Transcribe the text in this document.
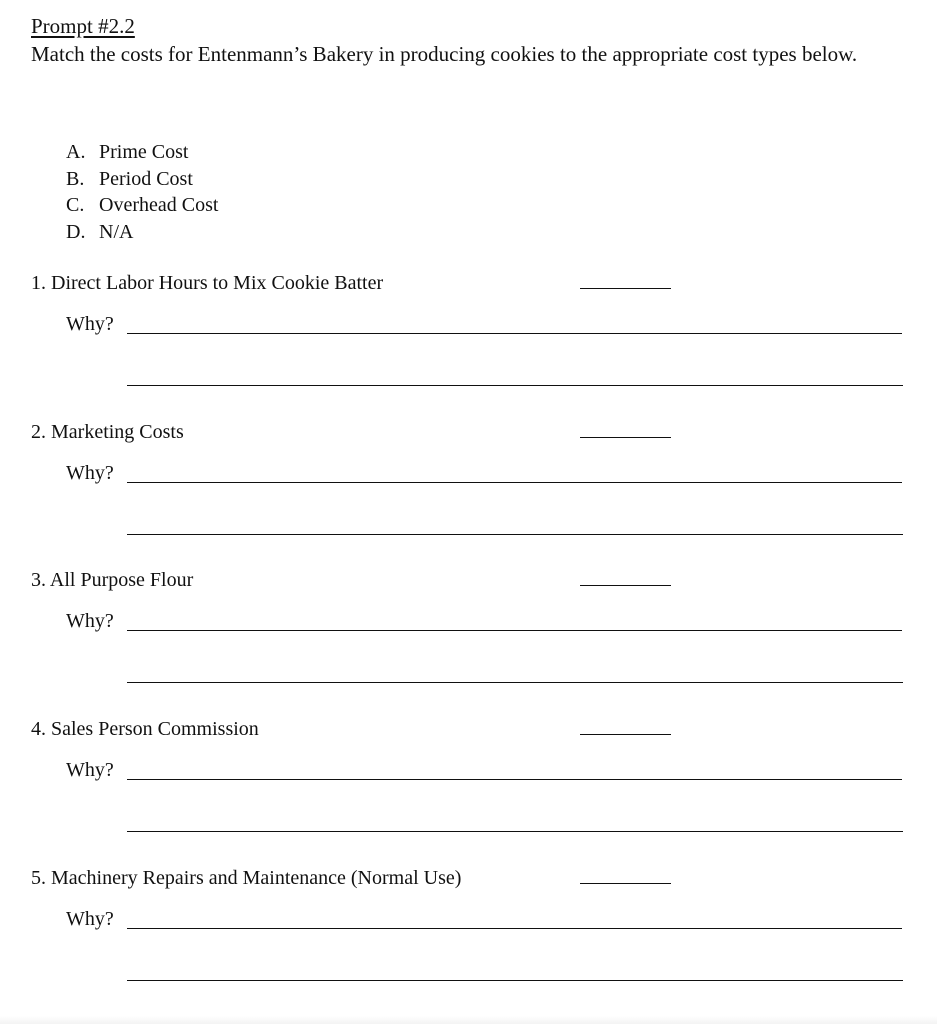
Prompt #2.2
Match the costs for Entenmann’s Bakery in producing cookies to the appropriate cost types below.
A. Prime Cost
B. Period Cost
C. Overhead Cost
D. N/A
1. Direct Labor Hours to Mix Cookie Batter
Why?
2. Marketing Costs
Why?
3. All Purpose Flour
Why?
4. Sales Person Commission
Why?
5. Machinery Repairs and Maintenance (Normal Use)
Why?
